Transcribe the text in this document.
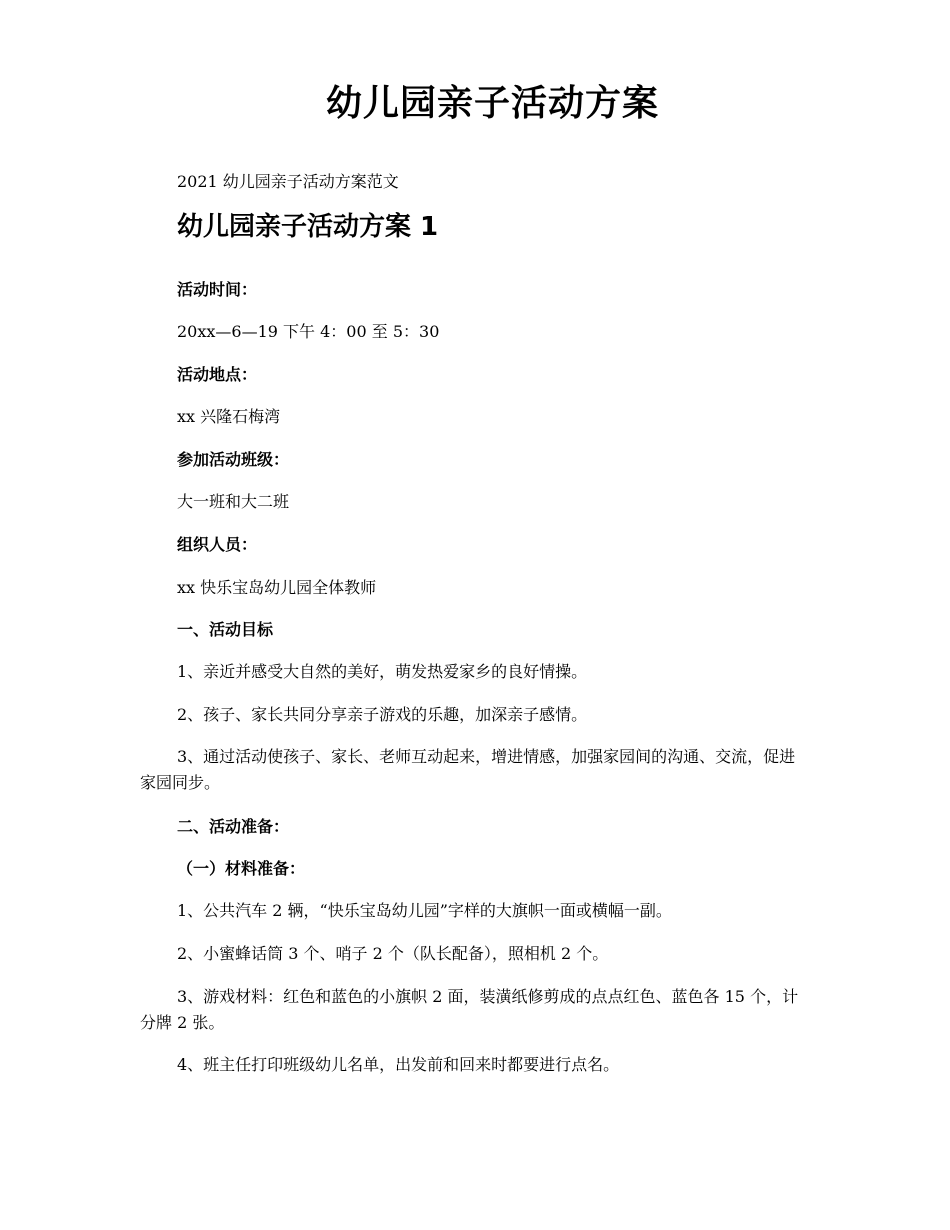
幼儿园亲子活动方案

2021 幼儿园亲子活动方案范文

幼儿园亲子活动方案 1

活动时间：

20xx—6—19 下午 4：00 至 5：30

活动地点：

xx 兴隆石梅湾

参加活动班级：

大一班和大二班

组织人员：

xx 快乐宝岛幼儿园全体教师

一、活动目标

1、亲近并感受大自然的美好，萌发热爱家乡的良好情操。

2、孩子、家长共同分享亲子游戏的乐趣，加深亲子感情。

3、通过活动使孩子、家长、老师互动起来，增进情感，加强家园间的沟通、交流，促进家园同步。

二、活动准备：

（一）材料准备：

1、公共汽车 2 辆，“快乐宝岛幼儿园”字样的大旗帜一面或横幅一副。

2、小蜜蜂话筒 3 个、哨子 2 个（队长配备），照相机 2 个。

3、游戏材料：红色和蓝色的小旗帜 2 面，装潢纸修剪成的点点红色、蓝色各 15 个，计分牌 2 张。

4、班主任打印班级幼儿名单，出发前和回来时都要进行点名。
